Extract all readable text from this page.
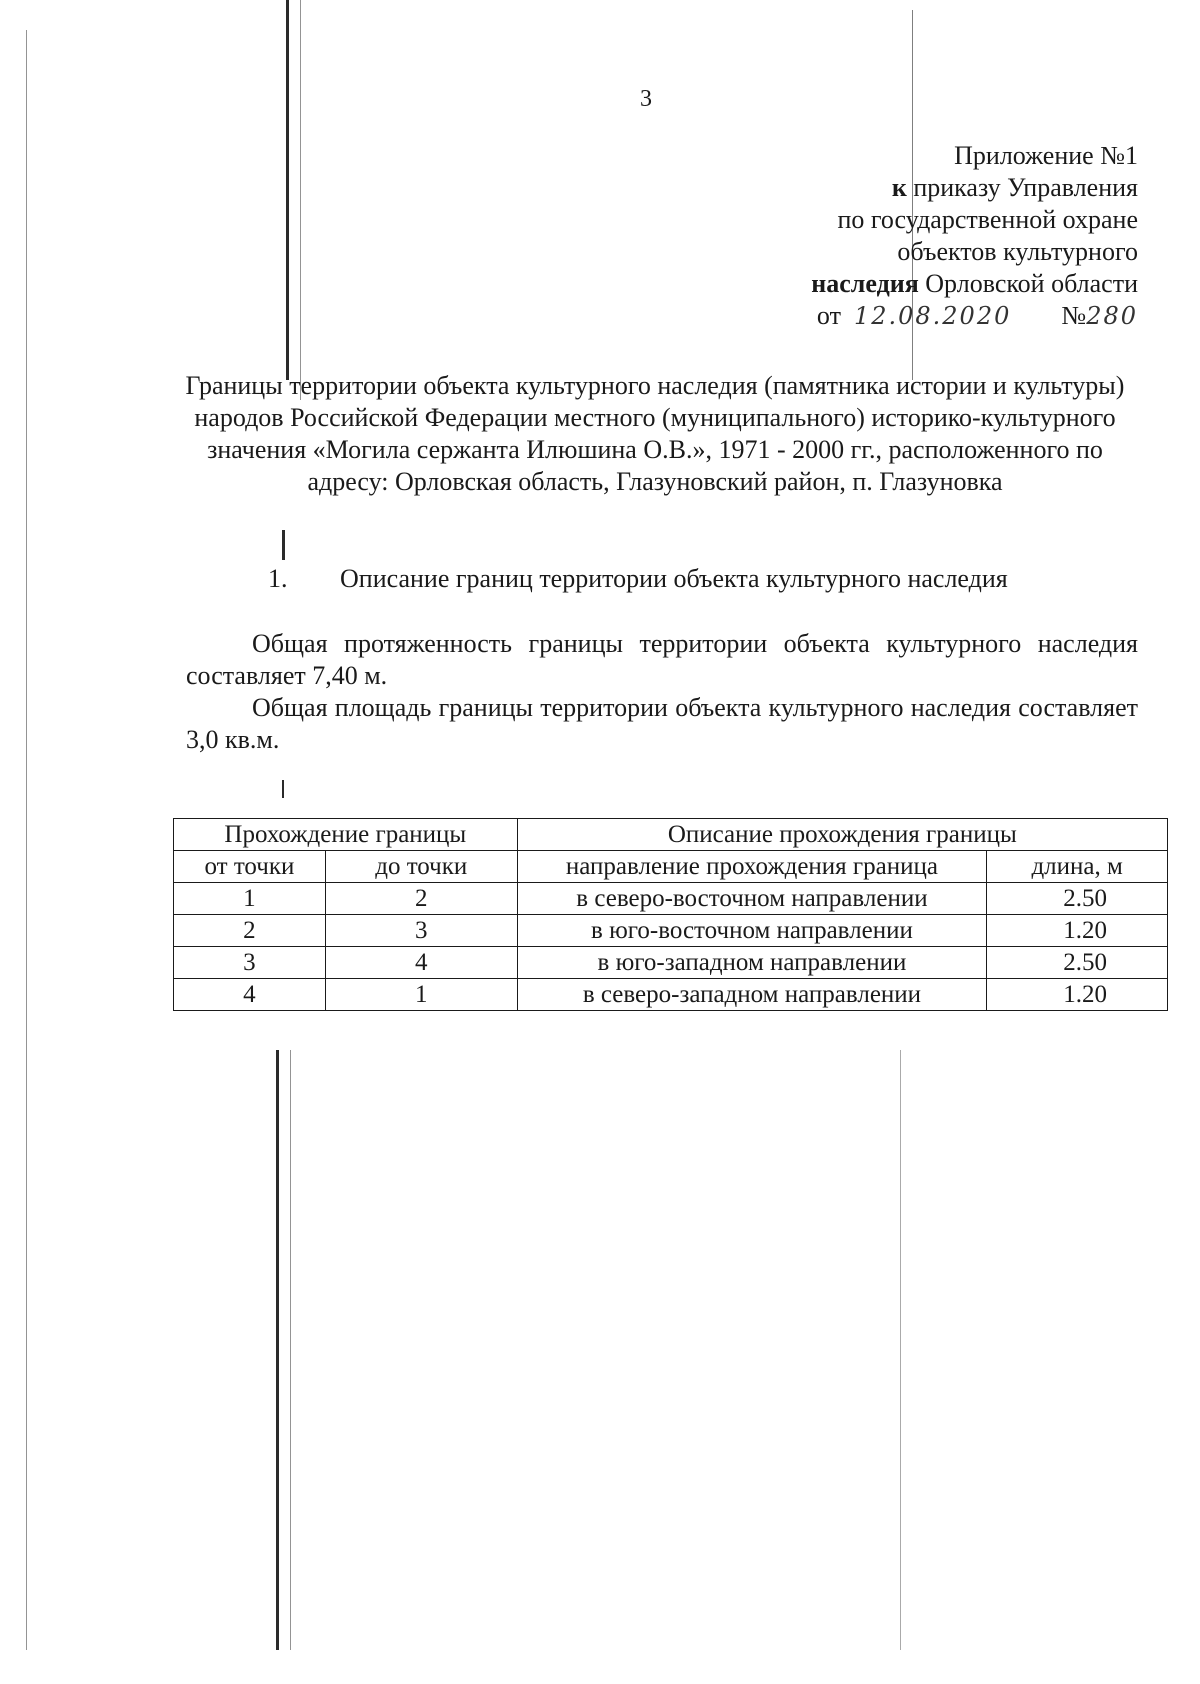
3
Приложение №1
к приказу Управления
по государственной охране
объектов культурного
наследия Орловской области
от
12.08.2020 № 280
Границы территории объекта культурного наследия (памятника истории и культуры) народов Российской Федерации местного (муниципального) историко-культурного значения «Могила сержанта Илюшина О.В.», 1971 - 2000 гг., расположенного по адресу: Орловская область, Глазуновский район, п. Глазуновка
1. Описание границ территории объекта культурного наследия
Общая протяженность границы территории объекта культурного наследия составляет 7,40 м.
Общая площадь границы территории объекта культурного наследия составляет 3,0 кв.м.
Прохождение границы		Описание прохождения границы	
от точки	до точки	направление прохождения граница	длина, м
1	2	в северо-восточном направлении	2.50
2	3	в юго-восточном направлении	1.20
3	4	в юго-западном направлении	2.50
4	1	в северо-западном направлении	1.20
